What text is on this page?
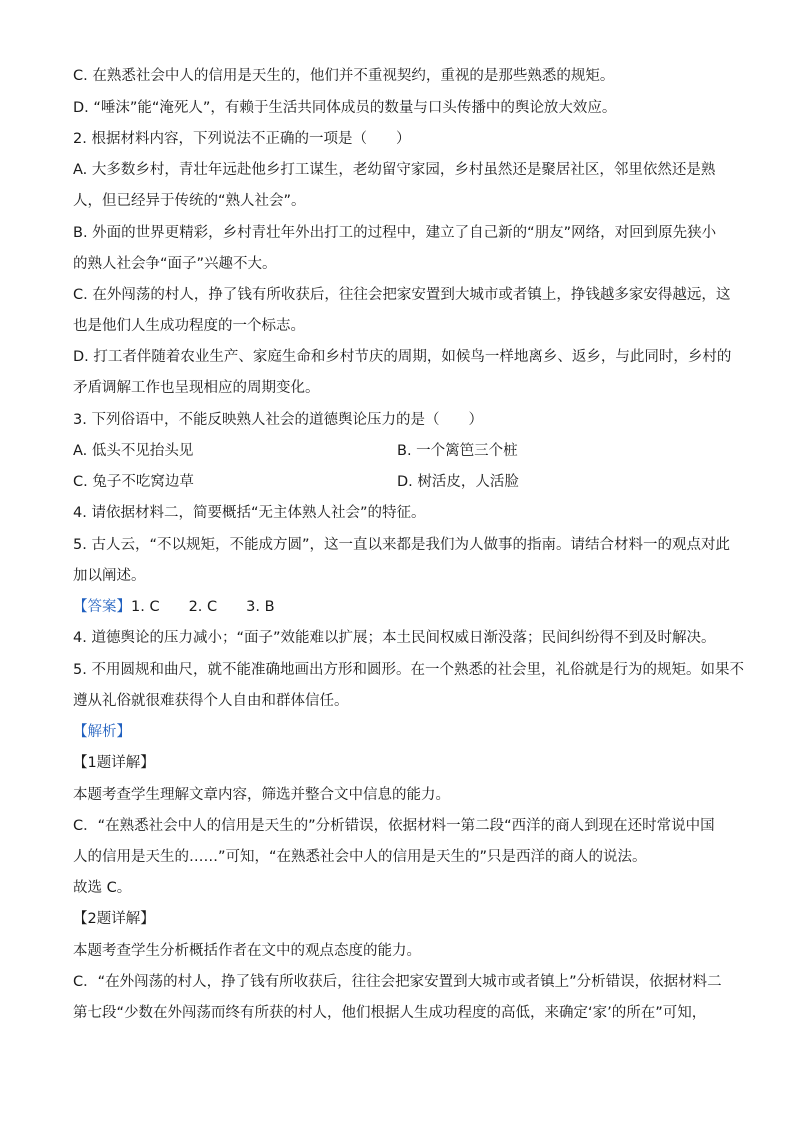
C. 在熟悉社会中人的信用是天生的，他们并不重视契约，重视的是那些熟悉的规矩。
D. “唾沫”能“淹死人”，有赖于生活共同体成员的数量与口头传播中的舆论放大效应。
2. 根据材料内容，下列说法不正确的一项是（　　）
A. 大多数乡村，青壮年远赴他乡打工谋生，老幼留守家园，乡村虽然还是聚居社区，邻里依然还是熟
人，但已经异于传统的“熟人社会”。
B. 外面的世界更精彩，乡村青壮年外出打工的过程中，建立了自己新的“朋友”网络，对回到原先狭小
的熟人社会争“面子”兴趣不大。
C. 在外闯荡的村人，挣了钱有所收获后，往往会把家安置到大城市或者镇上，挣钱越多家安得越远，这
也是他们人生成功程度的一个标志。
D. 打工者伴随着农业生产、家庭生命和乡村节庆的周期，如候鸟一样地离乡、返乡，与此同时，乡村的
矛盾调解工作也呈现相应的周期变化。
3. 下列俗语中，不能反映熟人社会的道德舆论压力的是（　　）
A. 低头不见抬头见	B. 一个篱笆三个桩
C. 兔子不吃窝边草	D. 树活皮，人活脸
4. 请依据材料二，简要概括“无主体熟人社会”的特征。
5. 古人云，“不以规矩，不能成方圆”，这一直以来都是我们为人做事的指南。请结合材料一的观点对此
加以阐述。
【答案】1. C　　2. C　　3. B
4. 道德舆论的压力减小；“面子”效能难以扩展；本土民间权威日渐没落；民间纠纷得不到及时解决。
5. 不用圆规和曲尺，就不能准确地画出方形和圆形。在一个熟悉的社会里，礼俗就是行为的规矩。如果不
遵从礼俗就很难获得个人自由和群体信任。
【解析】
【1题详解】
本题考查学生理解文章内容，筛选并整合文中信息的能力。
C．“在熟悉社会中人的信用是天生的”分析错误，依据材料一第二段“西洋的商人到现在还时常说中国
人的信用是天生的……”可知，“在熟悉社会中人的信用是天生的”只是西洋的商人的说法。
故选 C。
【2题详解】
本题考查学生分析概括作者在文中的观点态度的能力。
C．“在外闯荡的村人，挣了钱有所收获后，往往会把家安置到大城市或者镇上”分析错误，依据材料二
第七段“少数在外闯荡而终有所获的村人，他们根据人生成功程度的高低，来确定‘家’的所在”可知，
